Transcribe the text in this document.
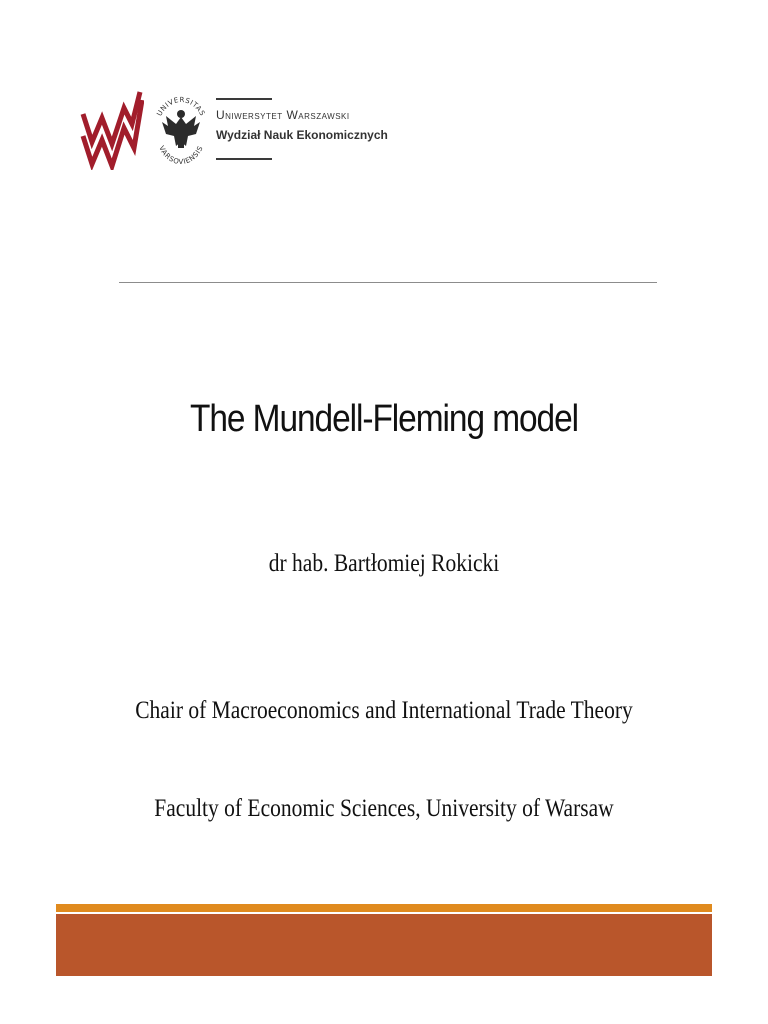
UNIVERSITAS
VARSOVIENSIS
Uniwersytet Warszawski
Wydział Nauk Ekonomicznych
The Mundell-Fleming model
dr hab. Bartłomiej Rokicki
Chair of Macroeconomics and International Trade Theory
Faculty of Economic Sciences, University of Warsaw
